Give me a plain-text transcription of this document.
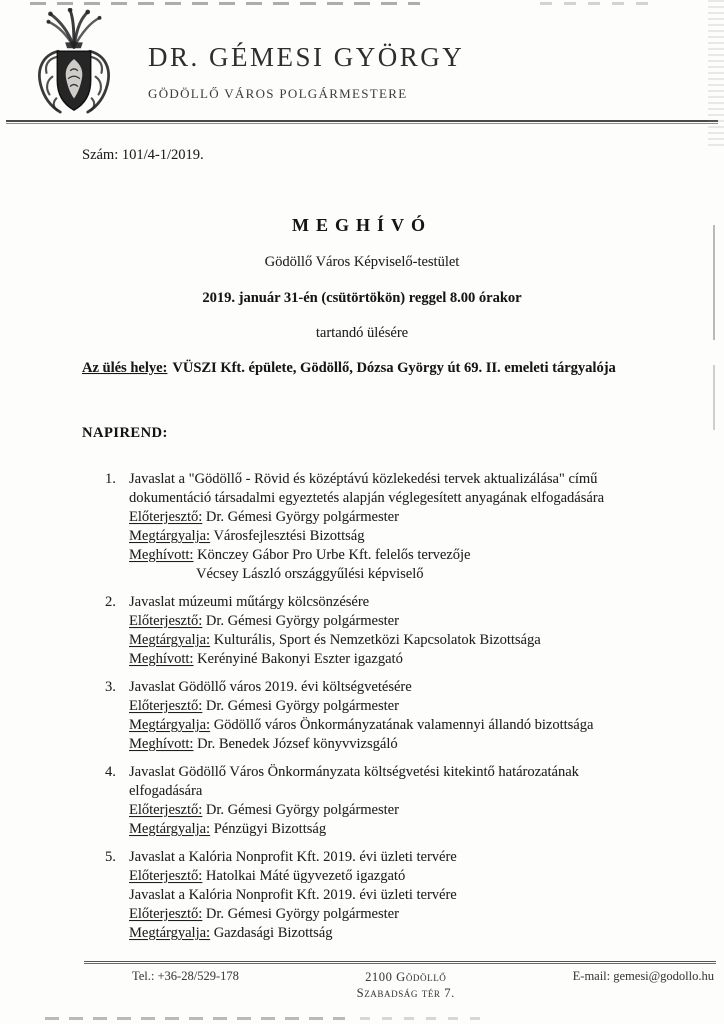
DR. GÉMESI GYÖRGY
GÖDÖLLŐ VÁROS POLGÁRMESTERE
Szám: 101/4-1/2019.
MEGHÍVÓ
Gödöllő Város Képviselő-testület
2019. január 31-én (csütörtökön) reggel 8.00 órakor
tartandó ülésére
Az ülés helye: VÜSZI Kft. épülete, Gödöllő, Dózsa György út 69. II. emeleti tárgyalója
NAPIREND:
1. Javaslat a "Gödöllő - Rövid és középtávú közlekedési tervek aktualizálása" című dokumentáció társadalmi egyeztetés alapján véglegesített anyagának elfogadására
Előterjesztő: Dr. Gémesi György polgármester
Megtárgyalja: Városfejlesztési Bizottság
Meghívott: Könczey Gábor Pro Urbe Kft. felelős tervezője
Vécsey László országgyűlési képviselő
2. Javaslat múzeumi műtárgy kölcsönzésére
Előterjesztő: Dr. Gémesi György polgármester
Megtárgyalja: Kulturális, Sport és Nemzetközi Kapcsolatok Bizottsága
Meghívott: Kerényiné Bakonyi Eszter igazgató
3. Javaslat Gödöllő város 2019. évi költségvetésére
Előterjesztő: Dr. Gémesi György polgármester
Megtárgyalja: Gödöllő város Önkormányzatának valamennyi állandó bizottsága
Meghívott: Dr. Benedek József könyvvizsgáló
4. Javaslat Gödöllő Város Önkormányzata költségvetési kitekintő határozatának elfogadására
Előterjesztő: Dr. Gémesi György polgármester
Megtárgyalja: Pénzügyi Bizottság
5. Javaslat a Kalória Nonprofit Kft. 2019. évi üzleti tervére
Előterjesztő: Hatolkai Máté ügyvezető igazgató
Javaslat a Kalória Nonprofit Kft. 2019. évi üzleti tervére
Előterjesztő: Dr. Gémesi György polgármester
Megtárgyalja: Gazdasági Bizottság
Tel.: +36-28/529-178	2100 Gödöllő
Szabadság tér 7.
E-mail: gemesi@godollo.hu
